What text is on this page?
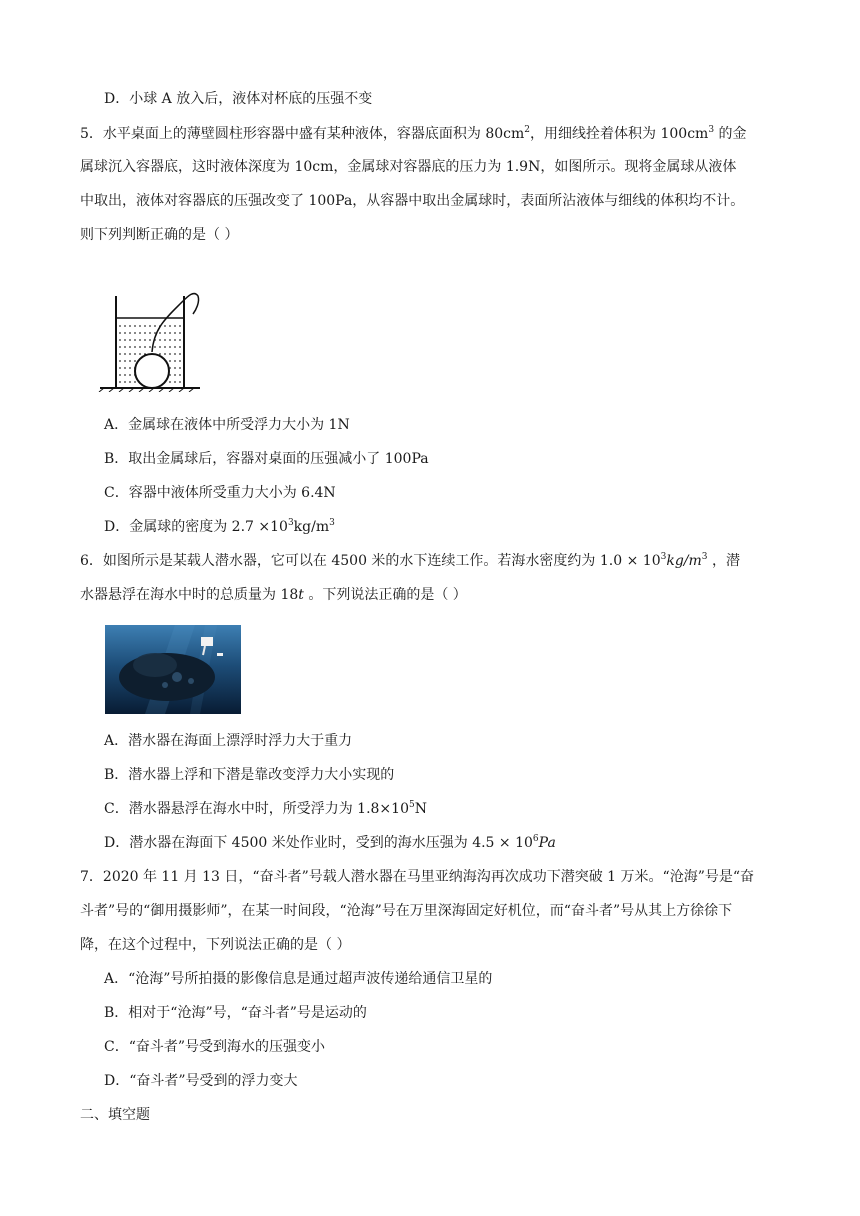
D．小球 A 放入后，液体对杯底的压强不变
5．水平桌面上的薄壁圆柱形容器中盛有某种液体，容器底面积为 $80cm^2$，用细线拴着体积为 $100cm^3$ 的金
属球沉入容器底，这时液体深度为 10cm，金属球对容器底的压力为 1.9N，如图所示。现将金属球从液体
中取出，液体对容器底的压强改变了 100Pa，从容器中取出金属球时，表面所沾液体与细线的体积均不计。
则下列判断正确的是（ ）
A．金属球在液体中所受浮力大小为 1N
B．取出金属球后，容器对桌面的压强减小了 100Pa
C．容器中液体所受重力大小为 6.4N
D．金属球的密度为 $2.7 \times 10^3kg/m^3$
6．如图所示是某载人潜水器，它可以在 4500 米的水下连续工作。若海水密度约为 $1.0 \times 10^3kg/m^3$ ，潜
水器悬浮在海水中时的总质量为 18t 。下列说法正确的是（ ）
A．潜水器在海面上漂浮时浮力大于重力
B．潜水器上浮和下潜是靠改变浮力大小实现的
C．潜水器悬浮在海水中时，所受浮力为 $1.8\times 10^5N$
D．潜水器在海面下 4500 米处作业时，受到的海水压强为 $4.5 \times 10^6Pa$
7．2020 年 11 月 13 日，“奋斗者”号载人潜水器在马里亚纳海沟再次成功下潜突破 1 万米。“沧海”号是“奋
斗者”号的“御用摄影师”，在某一时间段，“沧海”号在万里深海固定好机位，而“奋斗者”号从其上方徐徐下
降，在这个过程中，下列说法正确的是（ ）
A．“沧海”号所拍摄的影像信息是通过超声波传递给通信卫星的
B．相对于“沧海”号，“奋斗者”号是运动的
C．“奋斗者”号受到海水的压强变小
D．“奋斗者”号受到的浮力变大
二、填空题
